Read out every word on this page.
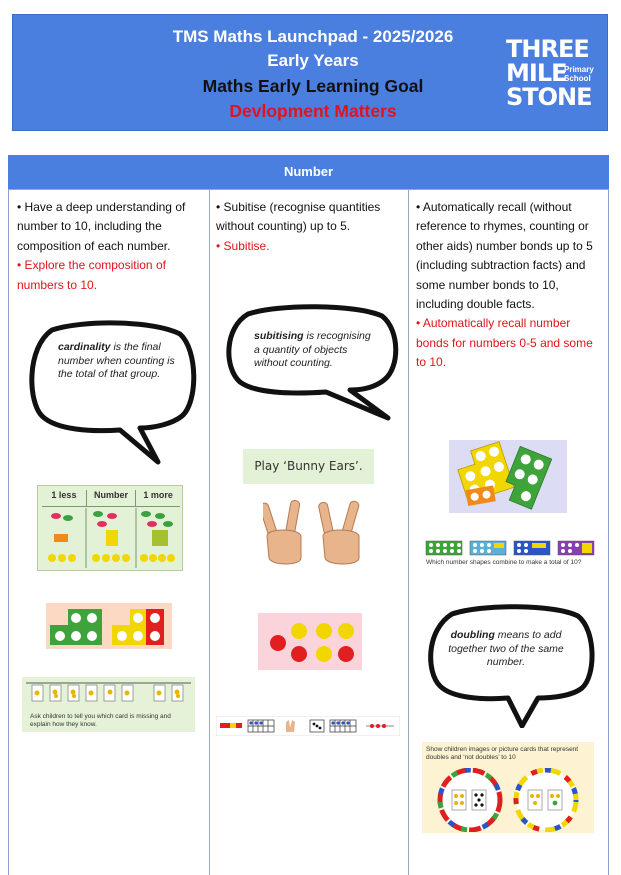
TMS Maths Launchpad - 2025/2026
Early Years
Maths Early Learning Goal
Devlopment Matters
THREE
MILE
STONE
Primary
School
Number

• Have a deep understanding of number to 10, including the composition of each number.

• Explore the composition of numbers to 10.

• Subitise (recognise quantities without counting) up to 5.

• Subitise.

• Automatically recall (without reference to rhymes, counting or other aids) number bonds up to 5 (including subtraction facts) and some number bonds to 10, including double facts.

• Automatically recall number bonds for numbers 0-5 and some to 10.

cardinality is the final number when counting is the total of that group.
subitising is recognising a quantity of objects without counting.
doubling means to add together two of the same number.
1 less	Number	1 more
Ask children to tell you which card is missing and explain how they know.
Play ‘Bunny Ears’.
Which number shapes combine to make a total of 10?
Show children images or picture cards that represent doubles and ‘not doubles’ to 10
